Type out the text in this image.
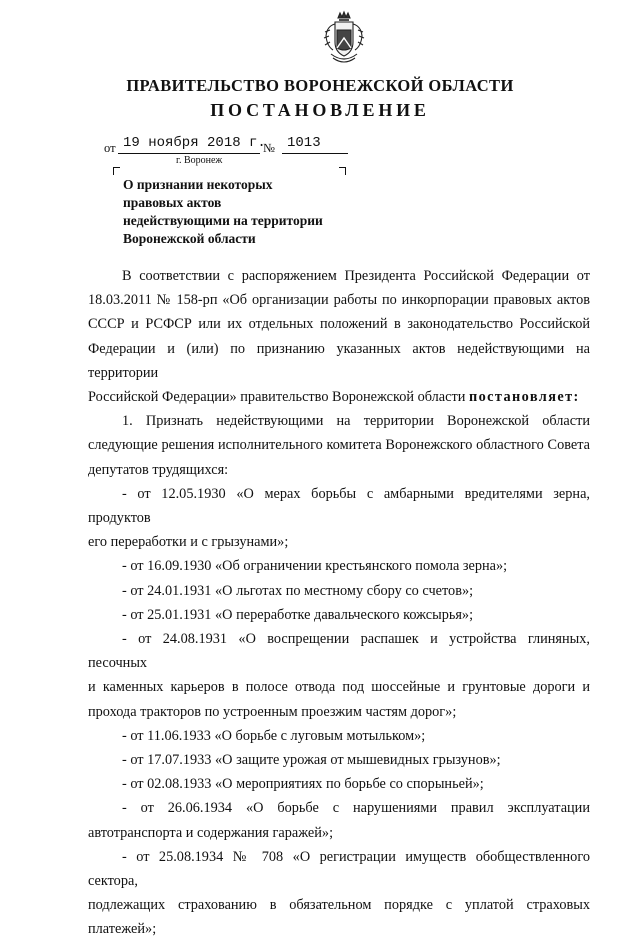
ПРАВИТЕЛЬСТВО ВОРОНЕЖСКОЙ ОБЛАСТИ
ПОСТАНОВЛЕНИЕ
от 19 ноября 2018 г.
№ 1013
г. Воронеж
О признании некоторых
правовых актов
недействующими на территории
Воронежской области

В соответствии с распоряжением Президента Российской Федерации от

18.03.2011 № 158-рп «Об организации работы по инкорпорации правовых актов

СССР и РСФСР или их отдельных положений в законодательство Российской

Федерации и (или) по признанию указанных актов недействующими на территории

Российской Федерации» правительство Воронежской области постановляет:

1. Признать недействующими на территории Воронежской области

следующие решения исполнительного комитета Воронежского областного Совета

депутатов трудящихся:

- от 12.05.1930 «О мерах борьбы с амбарными вредителями зерна, продуктов

его переработки и с грызунами»;

- от 16.09.1930 «Об ограничении крестьянского помола зерна»;

- от 24.01.1931 «О льготах по местному сбору со счетов»;

- от 25.01.1931 «О переработке давальческого кожсырья»;

- от 24.08.1931 «О воспрещении распашек и устройства глиняных, песочных

и каменных карьеров в полосе отвода под шоссейные и грунтовые дороги и

прохода тракторов по устроенным проезжим частям дорог»;

- от 11.06.1933 «О борьбе с луговым мотыльком»;

- от 17.07.1933 «О защите урожая от мышевидных грызунов»;

- от 02.08.1933 «О мероприятиях по борьбе со спорыньей»;

- от 26.06.1934 «О борьбе с нарушениями правил эксплуатации

автотранспорта и содержания гаражей»;

- от 25.08.1934 № 708 «О регистрации имуществ обобществленного сектора,

подлежащих страхованию в обязательном порядке с уплатой страховых платежей»;
